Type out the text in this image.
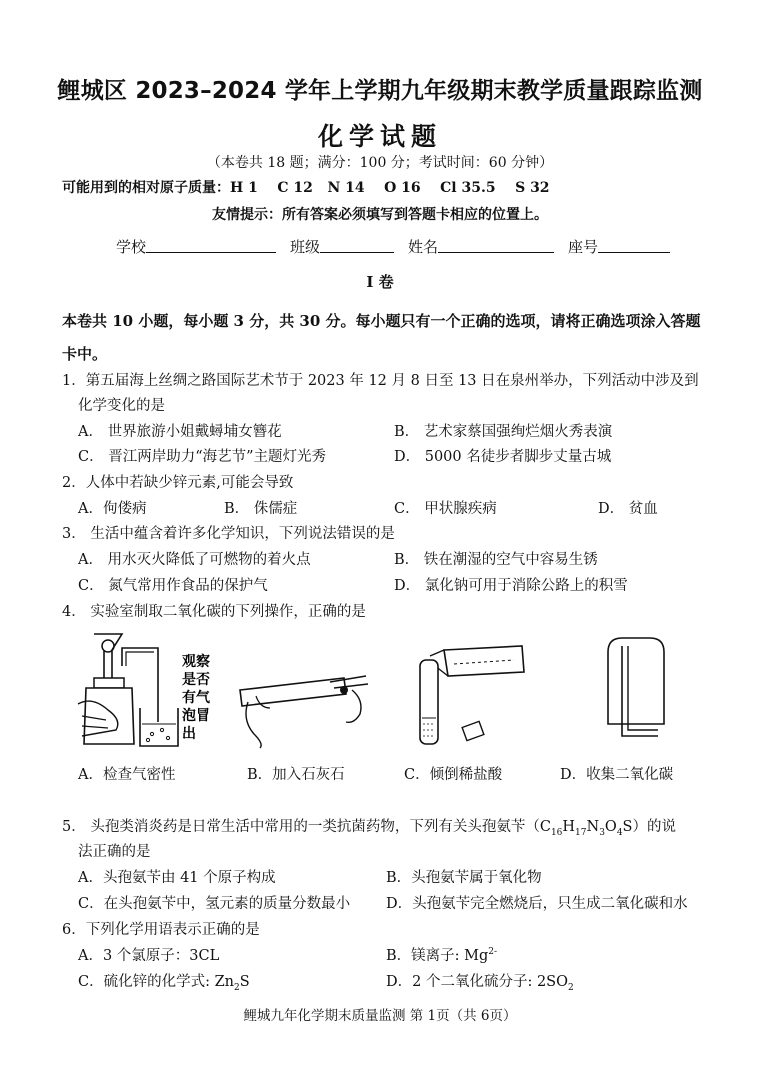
鲤城区 2023–2024 学年上学期九年级期末教学质量跟踪监测
化学试题
（本卷共 18 题；满分：100 分；考试时间：60 分钟）
可能用到的相对原子质量：H 1    C 12   N 14    O 16    Cl 35.5    S 32
友情提示：所有答案必须填写到答题卡相应的位置上。
学校	班级	姓名	座号
I 卷
本卷共 10 小题，每小题 3 分，共 30 分。每小题只有一个正确的选项，请将正确选项涂入答题卡中。
1．第五届海上丝绸之路国际艺术节于 2023 年 12 月 8 日至 13 日在泉州举办，下列活动中涉及到
化学变化的是
A． 世界旅游小姐戴蟳埔女簪花	B． 艺术家蔡国强绚烂烟火秀表演
C． 晋江两岸助力“海艺节”主题灯光秀	D． 5000 名徒步者脚步丈量古城
2．人体中若缺少锌元素,可能会导致
A．佝偻病	B． 侏儒症	C． 甲状腺疾病	D． 贫血
3． 生活中蕴含着许多化学知识，下列说法错误的是
A． 用水灭火降低了可燃物的着火点	B． 铁在潮湿的空气中容易生锈
C． 氮气常用作食品的保护气	D． 氯化钠可用于消除公路上的积雪
4． 实验室制取二氧化碳的下列操作，正确的是
观察
是否
有气
泡冒
出
A．检查气密性	B．加入石灰石	C．倾倒稀盐酸	D．收集二氧化碳
5． 头孢类消炎药是日常生活中常用的一类抗菌药物，下列有关头孢氨苄$(C_{16}H_{17}N_3O_4S)$的说
法正确的是
A．头孢氨苄由 41 个原子构成	B．头孢氨苄属于氧化物
C．在头孢氨苄中，氢元素的质量分数最小 D．头孢氨苄完全燃烧后，只生成二氧化碳和水
6．下列化学用语表示正确的是
A．3 个氯原子：3CL	B．镁离子: $Mg^{2-}$
C．硫化锌的化学式: $Zn_2S$	D．2 个二氧化硫分子: $2SO_2$
鲤城九年化学期末质量监测 第 1页（共 6页）
